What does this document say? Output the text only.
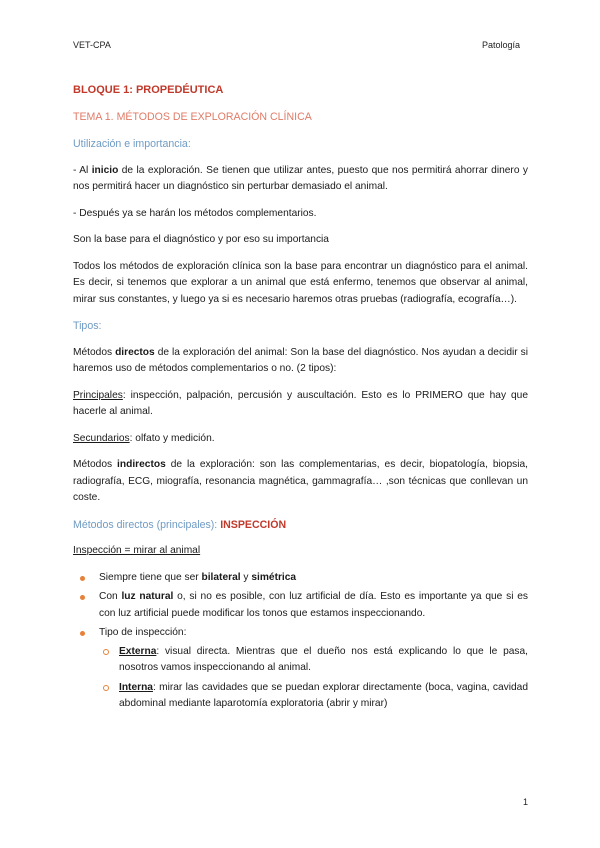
VET-CPA	Patología
BLOQUE 1: PROPEDÉUTICA
TEMA 1. MÉTODOS DE EXPLORACIÓN CLÍNICA
Utilización e importancia:

- Al inicio de la exploración. Se tienen que utilizar antes, puesto que nos permitirá ahorrar dinero y nos permitirá hacer un diagnóstico sin perturbar demasiado el animal.

- Después ya se harán los métodos complementarios.

Son la base para el diagnóstico y por eso su importancia

Todos los métodos de exploración clínica son la base para encontrar un diagnóstico para el animal. Es decir, si tenemos que explorar a un animal que está enfermo, tenemos que observar al animal, mirar sus constantes, y luego ya si es necesario haremos otras pruebas (radiografía, ecografía…).

Tipos:

Métodos directos de la exploración del animal: Son la base del diagnóstico. Nos ayudan a decidir si haremos uso de métodos complementarios o no. (2 tipos):

Principales: inspección, palpación, percusión y auscultación. Esto es lo PRIMERO que hay que hacerle al animal.

Secundarios: olfato y medición.

Métodos indirectos de la exploración: son las complementarias, es decir, biopatología, biopsia, radiografía, ECG, miografía, resonancia magnética, gammagrafía… ,son técnicas que conllevan un coste.

Métodos directos (principales): INSPECCIÓN

Inspección = mirar al animal

Siempre tiene que ser bilateral y simétrica
Con luz natural o, si no es posible, con luz artificial de día. Esto es importante ya que si es con luz artificial puede modificar los tonos que estamos inspeccionando.
Tipo de inspección:
Externa: visual directa. Mientras que el dueño nos está explicando lo que le pasa, nosotros vamos inspeccionando al animal.
Interna: mirar las cavidades que se puedan explorar directamente (boca, vagina, cavidad abdominal mediante laparotomía exploratoria (abrir y mirar)
1
